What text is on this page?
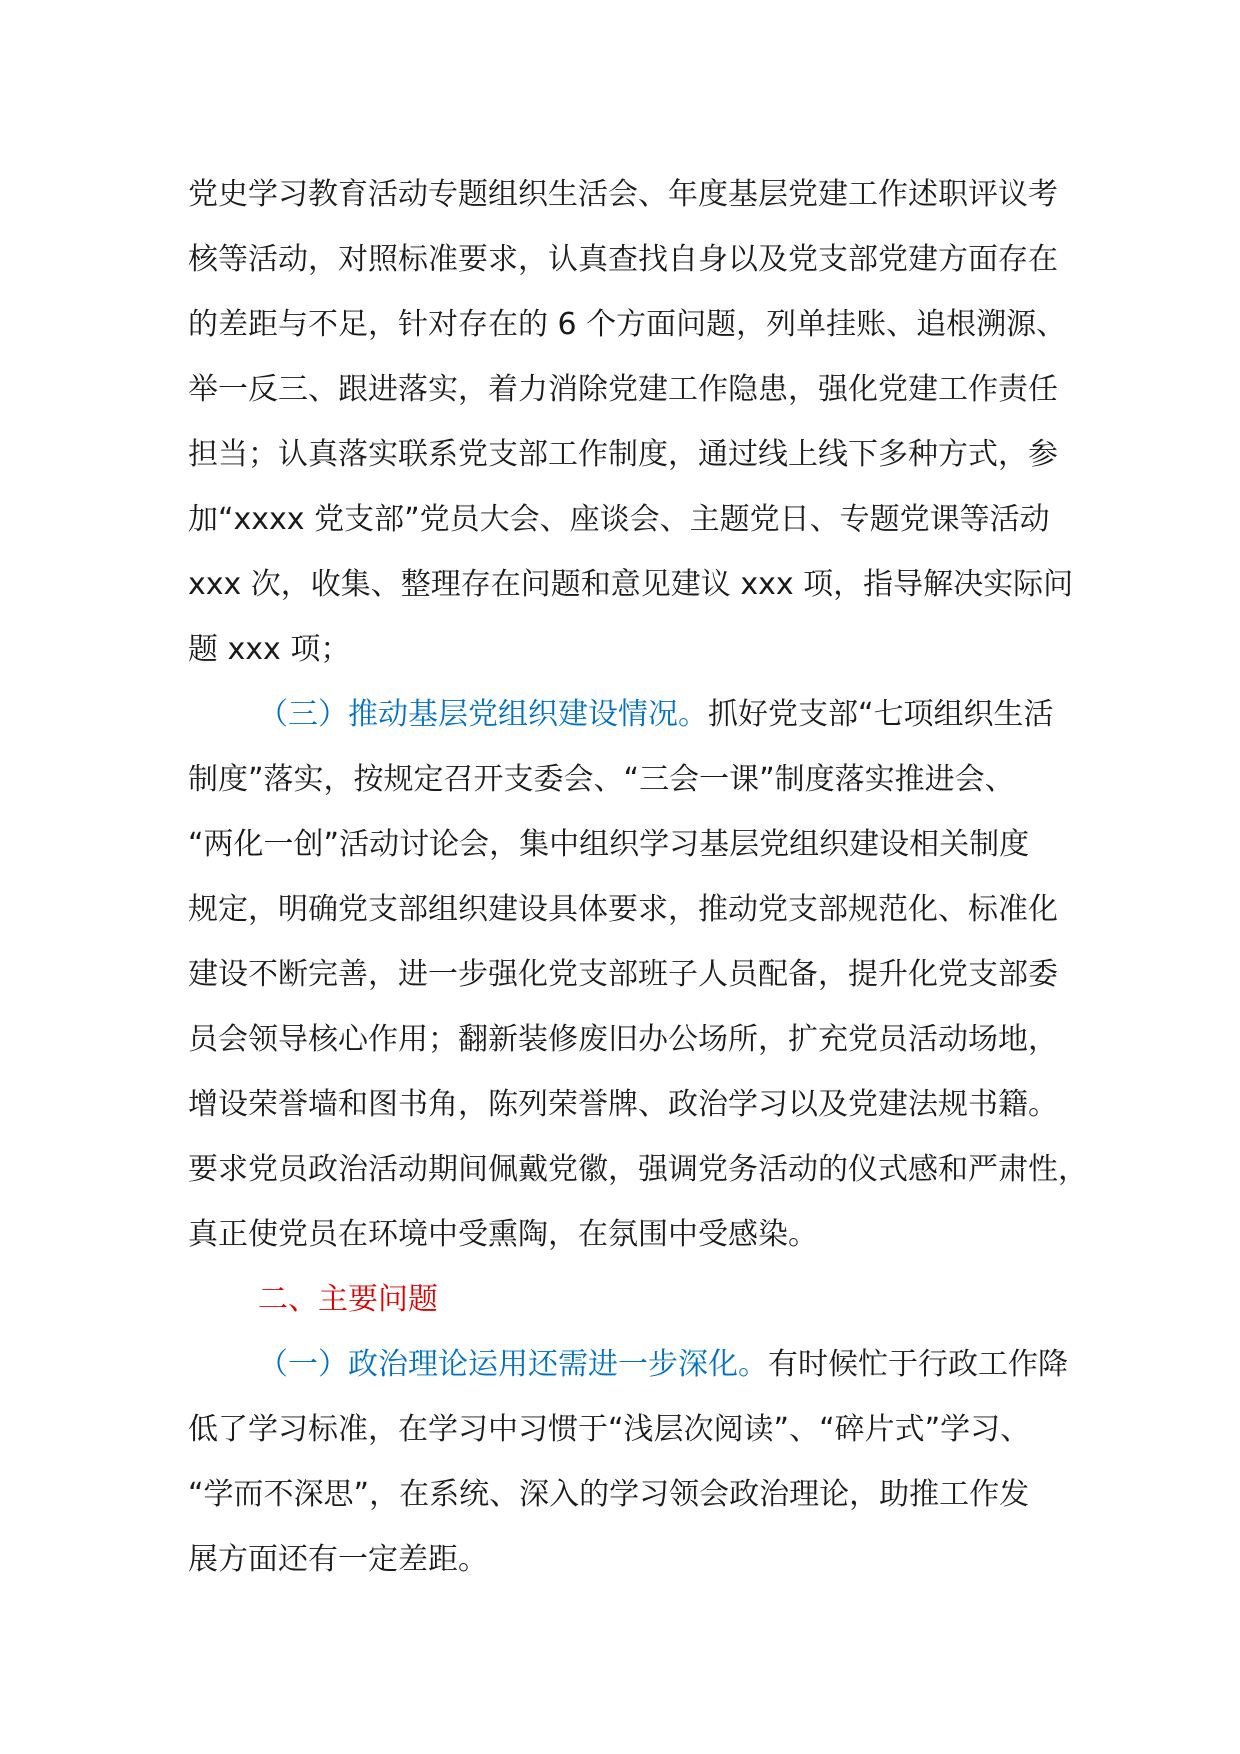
党史学习教育活动专题组织生活会、年度基层党建工作述职评议考
核等活动，对照标准要求，认真查找自身以及党支部党建方面存在
的差距与不足，针对存在的 6 个方面问题，列单挂账、追根溯源、
举一反三、跟进落实，着力消除党建工作隐患，强化党建工作责任
担当；认真落实联系党支部工作制度，通过线上线下多种方式，参
加“xxxx 党支部”党员大会、座谈会、主题党日、专题党课等活动
xxx 次，收集、整理存在问题和意见建议 xxx 项，指导解决实际问
题 xxx 项；
（三）推动基层党组织建设情况。抓好党支部“七项组织生活
制度”落实，按规定召开支委会、“三会一课”制度落实推进会、
“两化一创”活动讨论会，集中组织学习基层党组织建设相关制度
规定，明确党支部组织建设具体要求，推动党支部规范化、标准化
建设不断完善，进一步强化党支部班子人员配备，提升化党支部委
员会领导核心作用；翻新装修废旧办公场所，扩充党员活动场地，
增设荣誉墙和图书角，陈列荣誉牌、政治学习以及党建法规书籍。
要求党员政治活动期间佩戴党徽，强调党务活动的仪式感和严肃性，
真正使党员在环境中受熏陶，在氛围中受感染。
二、主要问题
（一）政治理论运用还需进一步深化。有时候忙于行政工作降
低了学习标准，在学习中习惯于“浅层次阅读”、“碎片式”学习、
“学而不深思”，在系统、深入的学习领会政治理论，助推工作发
展方面还有一定差距。
